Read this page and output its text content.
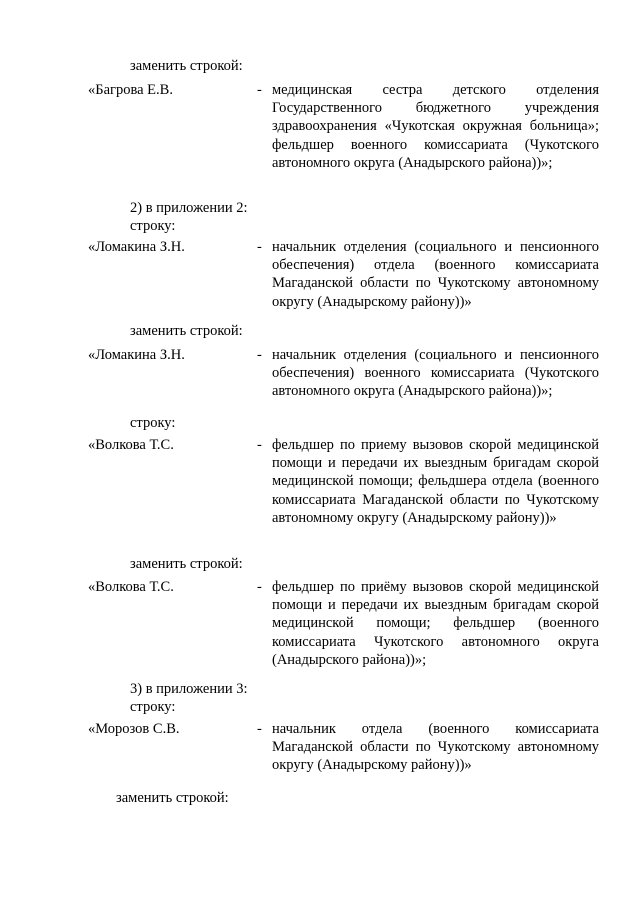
заменить строкой:
«Багрова Е.В.	- медицинская сестра детского отделения Государственного бюджетного учреждения здравоохранения «Чукотская окружная больница»; фельдшер военного комиссариата (Чукотского автономного округа (Анадырского района))»;

2) в приложении 2:
строку:
«Ломакина З.Н.	- начальник отделения (социального и пенсионного обеспечения) отдела (военного комиссариата Магаданской области по Чукотскому автономному округу (Анадырскому району))»

заменить строкой:
«Ломакина З.Н.	- начальник отделения (социального и пенсионного обеспечения) военного комиссариата (Чукотского автономного округа (Анадырского района))»;

строку:
«Волкова Т.С.	- фельдшер по приему вызовов скорой медицинской помощи и передачи их выездным бригадам скорой медицинской помощи; фельдшера отдела (военного комиссариата Магаданской области по Чукотскому автономному округу (Анадырскому району))»

заменить строкой:
«Волкова Т.С.	- фельдшер по приёму вызовов скорой медицинской помощи и передачи их выездным бригадам скорой медицинской помощи; фельдшер (военного комиссариата Чукотского автономного округа (Анадырского района))»;

3) в приложении 3:
строку:
«Морозов С.В.	- начальник отдела (военного комиссариата Магаданской области по Чукотскому автономному округу (Анадырскому району))»

заменить строкой:
